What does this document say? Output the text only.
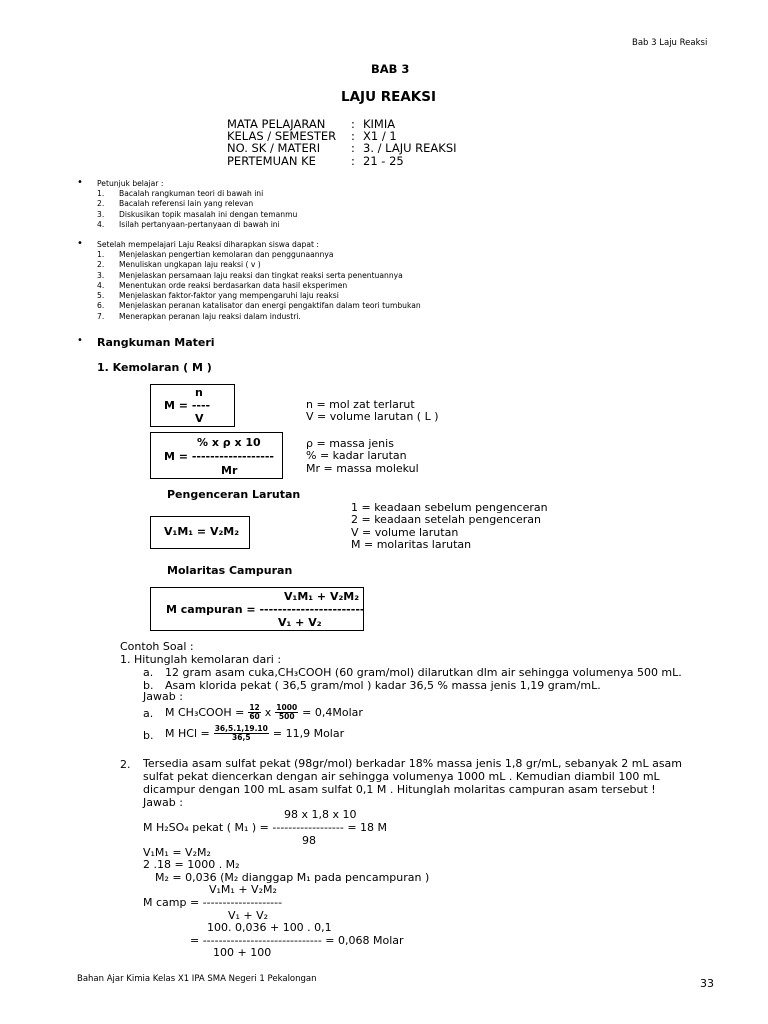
Bab 3 Laju Reaksi
BAB 3
LAJU REAKSI
MATA PELAJARAN : KIMIA
KELAS / SEMESTER : X1 / 1
NO. SK / MATERI	: 3. / LAJU REAKSI
PERTEMUAN KE	: 21 - 25
• Petunjuk belajar :
1. Bacalah rangkuman teori di bawah ini
2. Bacalah referensi lain yang relevan
3. Diskusikan topik masalah ini dengan temanmu
4. Isilah pertanyaan-pertanyaan di bawah ini
• Setelah mempelajari Laju Reaksi diharapkan siswa dapat :
1. Menjelaskan pengertian kemolaran dan penggunaannya
2. Menuliskan ungkapan laju reaksi ( v )
3. Menjelaskan persamaan laju reaksi dan tingkat reaksi serta penentuannya
4. Menentukan orde reaksi berdasarkan data hasil eksperimen
5. Menjelaskan faktor-faktor yang mempengaruhi laju reaksi
6. Menjelaskan peranan katalisator dan energi pengaktifan dalam teori tumbukan
7. Menerapkan peranan laju reaksi dalam industri.
• Rangkuman Materi
1. Kemolaran ( M )
n
M = ----
V
n = mol zat terlarut
V = volume larutan ( L )
% x ρ x 10
M = ------------------
Mr
ρ = massa jenis
% = kadar larutan
Mr = massa molekul
Pengenceran Larutan
V₁M₁ = V₂M₂
1 = keadaan sebelum pengenceran
2 = keadaan setelah pengenceran
V = volume larutan
M = molaritas larutan
Molaritas Campuran
V₁M₁ + V₂M₂
M campuran = -----------------------
V₁ + V₂
Contoh Soal :
1. Hitunglah kemolaran dari :
a. 12 gram asam cuka,CH₃COOH (60 gram/mol) dilarutkan dlm air sehingga volumenya 500 mL.
b. Asam klorida pekat ( 36,5 gram/mol ) kadar 36,5 % massa jenis 1,19 gram/mL.
Jawab :
a. M CH₃COOH = $\frac{12}{60}$ x $\frac{1000}{500}$ = 0,4Molar
b. M HCl = $\frac{36,5.1,19.10}{36,5} = 11,9$ Molar
2. Tersedia asam sulfat pekat (98gr/mol) berkadar 18% massa jenis 1,8 gr/mL, sebanyak 2 mL asam
sulfat pekat diencerkan dengan air sehingga volumenya 1000 mL . Kemudian diambil 100 mL
dicampur dengan 100 mL asam sulfat 0,1 M . Hitunglah molaritas campuran asam tersebut !
Jawab :
98 x 1,8 x 10
M H₂SO₄ pekat ( M₁ ) = ------------------ = 18 M
98
V₁M₁ = V₂M₂
2 .18 = 1000 . M₂
M₂ = 0,036 (M₂ dianggap M₁ pada pencampuran )
V₁M₁ + V₂M₂
M camp = --------------------
V₁ + V₂
100. 0,036 + 100 . 0,1
= ------------------------------ = 0,068 Molar
100 + 100
Bahan Ajar Kimia Kelas X1 IPA SMA Negeri 1 Pekalongan	33
